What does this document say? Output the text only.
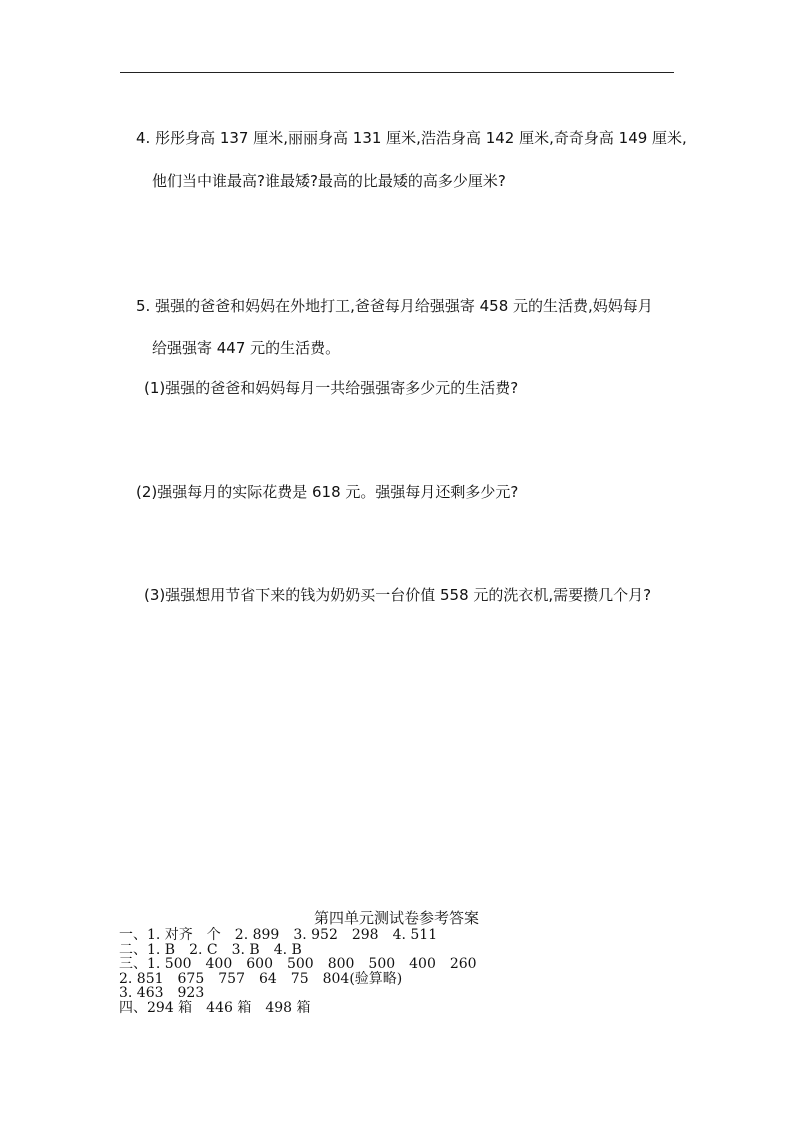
4. 彤彤身高 137 厘米,丽丽身高 131 厘米,浩浩身高 142 厘米,奇奇身高 149 厘米,
他们当中谁最高?谁最矮?最高的比最矮的高多少厘米?
5. 强强的爸爸和妈妈在外地打工,爸爸每月给强强寄 458 元的生活费,妈妈每月
给强强寄 447 元的生活费。
(1)强强的爸爸和妈妈每月一共给强强寄多少元的生活费?
(2)强强每月的实际花费是 618 元。强强每月还剩多少元?
(3)强强想用节省下来的钱为奶奶买一台价值 558 元的洗衣机,需要攒几个月?
第四单元测试卷参考答案
一、1. 对齐　个　2. 899　3. 952　298　4. 511
二、1. B　2. C　3. B　4. B
三、1. 500　400　600　500　800　500　400　260
2. 851　675　757　64　75　804(验算略)
3. 463　923
四、294 箱　446 箱　498 箱
